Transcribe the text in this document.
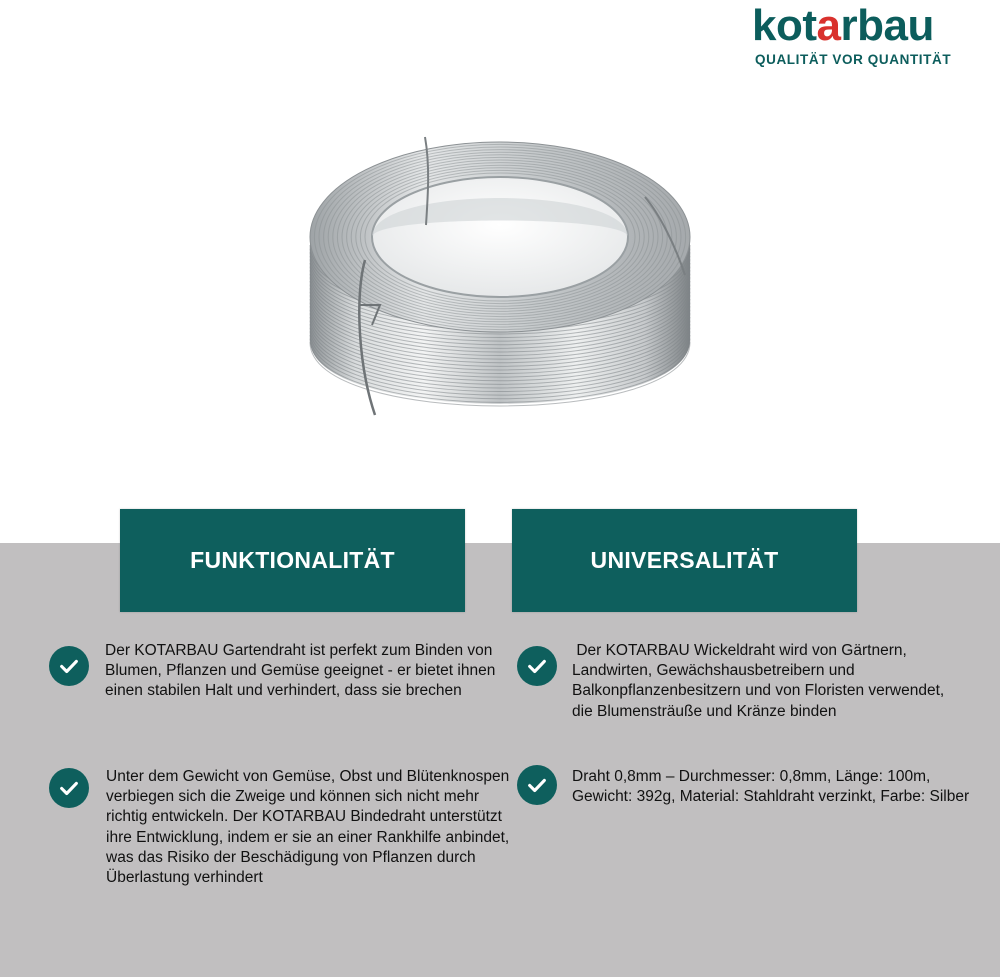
kotarbau
QUALITÄT VOR QUANTITÄT
FUNKTIONALITÄT	UNIVERSALITÄT
Der KOTARBAU Gartendraht ist perfekt zum Binden von Blumen, Pflanzen und Gemüse geeignet - er bietet ihnen einen stabilen Halt und verhindert, dass sie brechen
Unter dem Gewicht von Gemüse, Obst und Blütenknospen verbiegen sich die Zweige und können sich nicht mehr richtig entwickeln. Der KOTARBAU Bindedraht unterstützt ihre Entwicklung, indem er sie an einer Rankhilfe anbindet, was das Risiko der Beschädigung von Pflanzen durch Überlastung verhindert
Der KOTARBAU Wickeldraht wird von Gärtnern, Landwirten, Gewächshausbetreibern und Balkonpflanzenbesitzern und von Floristen verwendet, die Blumensträuße und Kränze binden
Draht 0,8mm – Durchmesser: 0,8mm, Länge: 100m, Gewicht: 392g, Material: Stahldraht verzinkt, Farbe: Silber
